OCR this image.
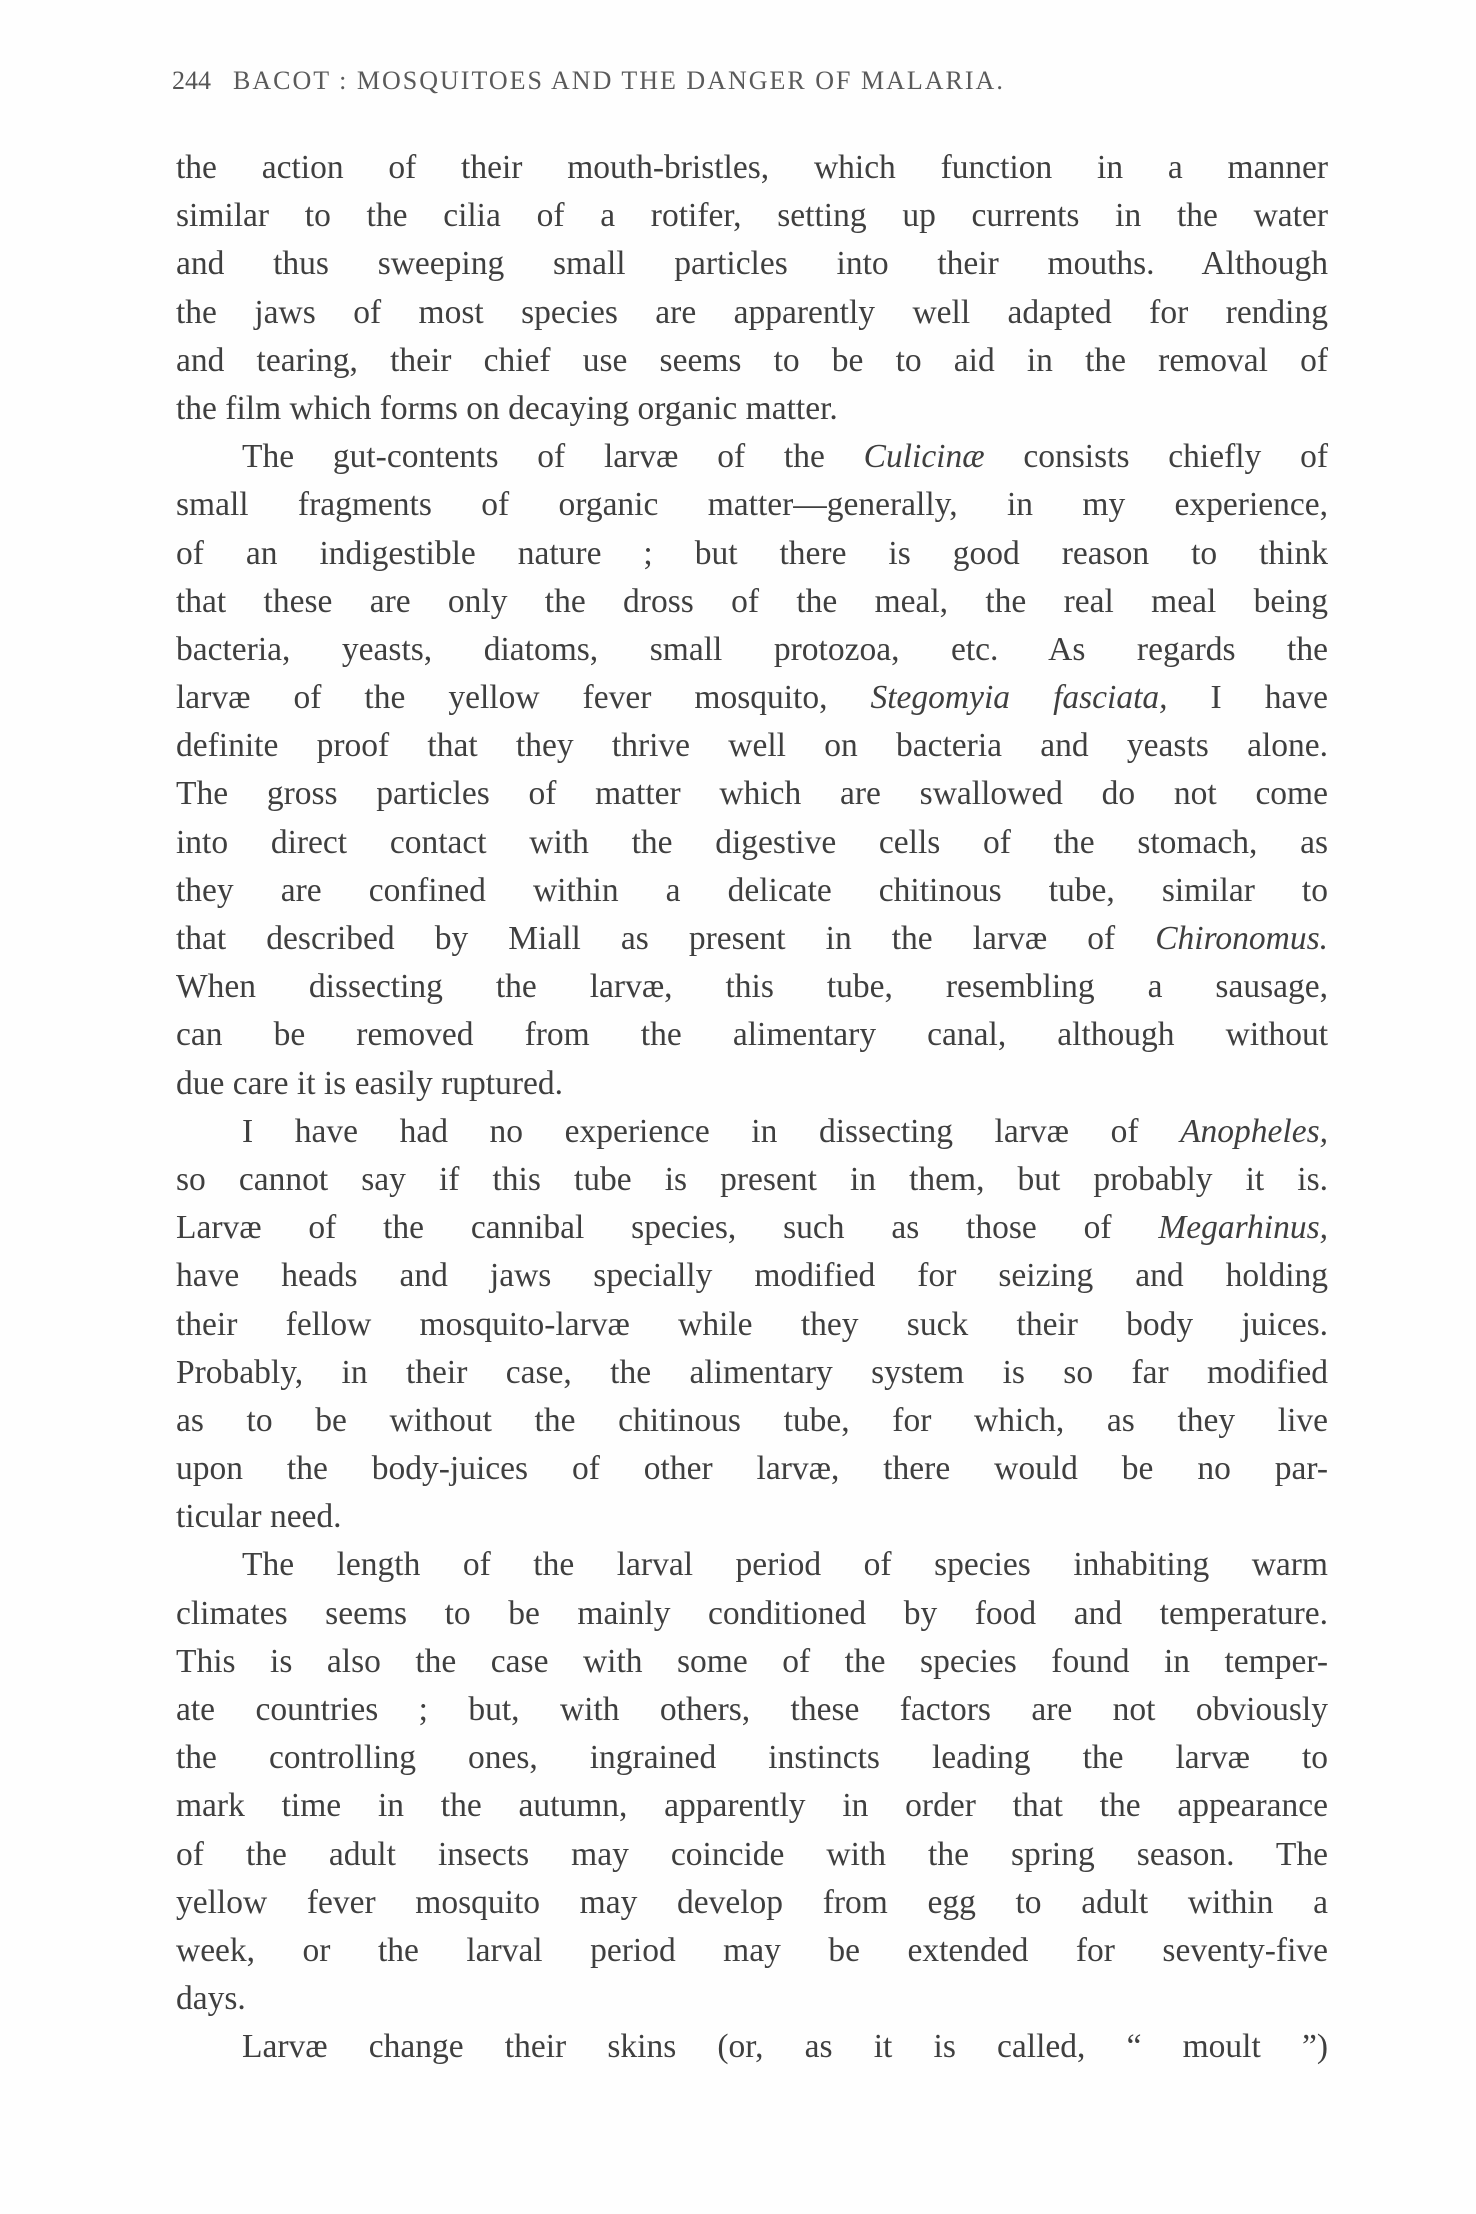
244 BACOT : MOSQUITOES AND THE DANGER OF MALARIA.
the action of their mouth-bristles, which function in a manner
similar to the cilia of a rotifer, setting up currents in the water
and thus sweeping small particles into their mouths. Although
the jaws of most species are apparently well adapted for rending
and tearing, their chief use seems to be to aid in the removal of
the film which forms on decaying organic matter.
The gut-contents of larvæ of the Culicinæ consists chiefly of
small fragments of organic matter—generally, in my experience,
of an indigestible nature ; but there is good reason to think
that these are only the dross of the meal, the real meal being
bacteria, yeasts, diatoms, small protozoa, etc. As regards the
larvæ of the yellow fever mosquito, Stegomyia fasciata, I have
definite proof that they thrive well on bacteria and yeasts alone.
The gross particles of matter which are swallowed do not come
into direct contact with the digestive cells of the stomach, as
they are confined within a delicate chitinous tube, similar to
that described by Miall as present in the larvæ of Chironomus.
When dissecting the larvæ, this tube, resembling a sausage,
can be removed from the alimentary canal, although without
due care it is easily ruptured.
I have had no experience in dissecting larvæ of Anopheles,
so cannot say if this tube is present in them, but probably it is.
Larvæ of the cannibal species, such as those of Megarhinus,
have heads and jaws specially modified for seizing and holding
their fellow mosquito-larvæ while they suck their body juices.
Probably, in their case, the alimentary system is so far modified
as to be without the chitinous tube, for which, as they live
upon the body-juices of other larvæ, there would be no par-
ticular need.
The length of the larval period of species inhabiting warm
climates seems to be mainly conditioned by food and temperature.
This is also the case with some of the species found in temper-
ate countries ; but, with others, these factors are not obviously
the controlling ones, ingrained instincts leading the larvæ to
mark time in the autumn, apparently in order that the appearance
of the adult insects may coincide with the spring season. The
yellow fever mosquito may develop from egg to adult within a
week, or the larval period may be extended for seventy-five
days.
Larvæ change their skins (or, as it is called, “ moult ”)
